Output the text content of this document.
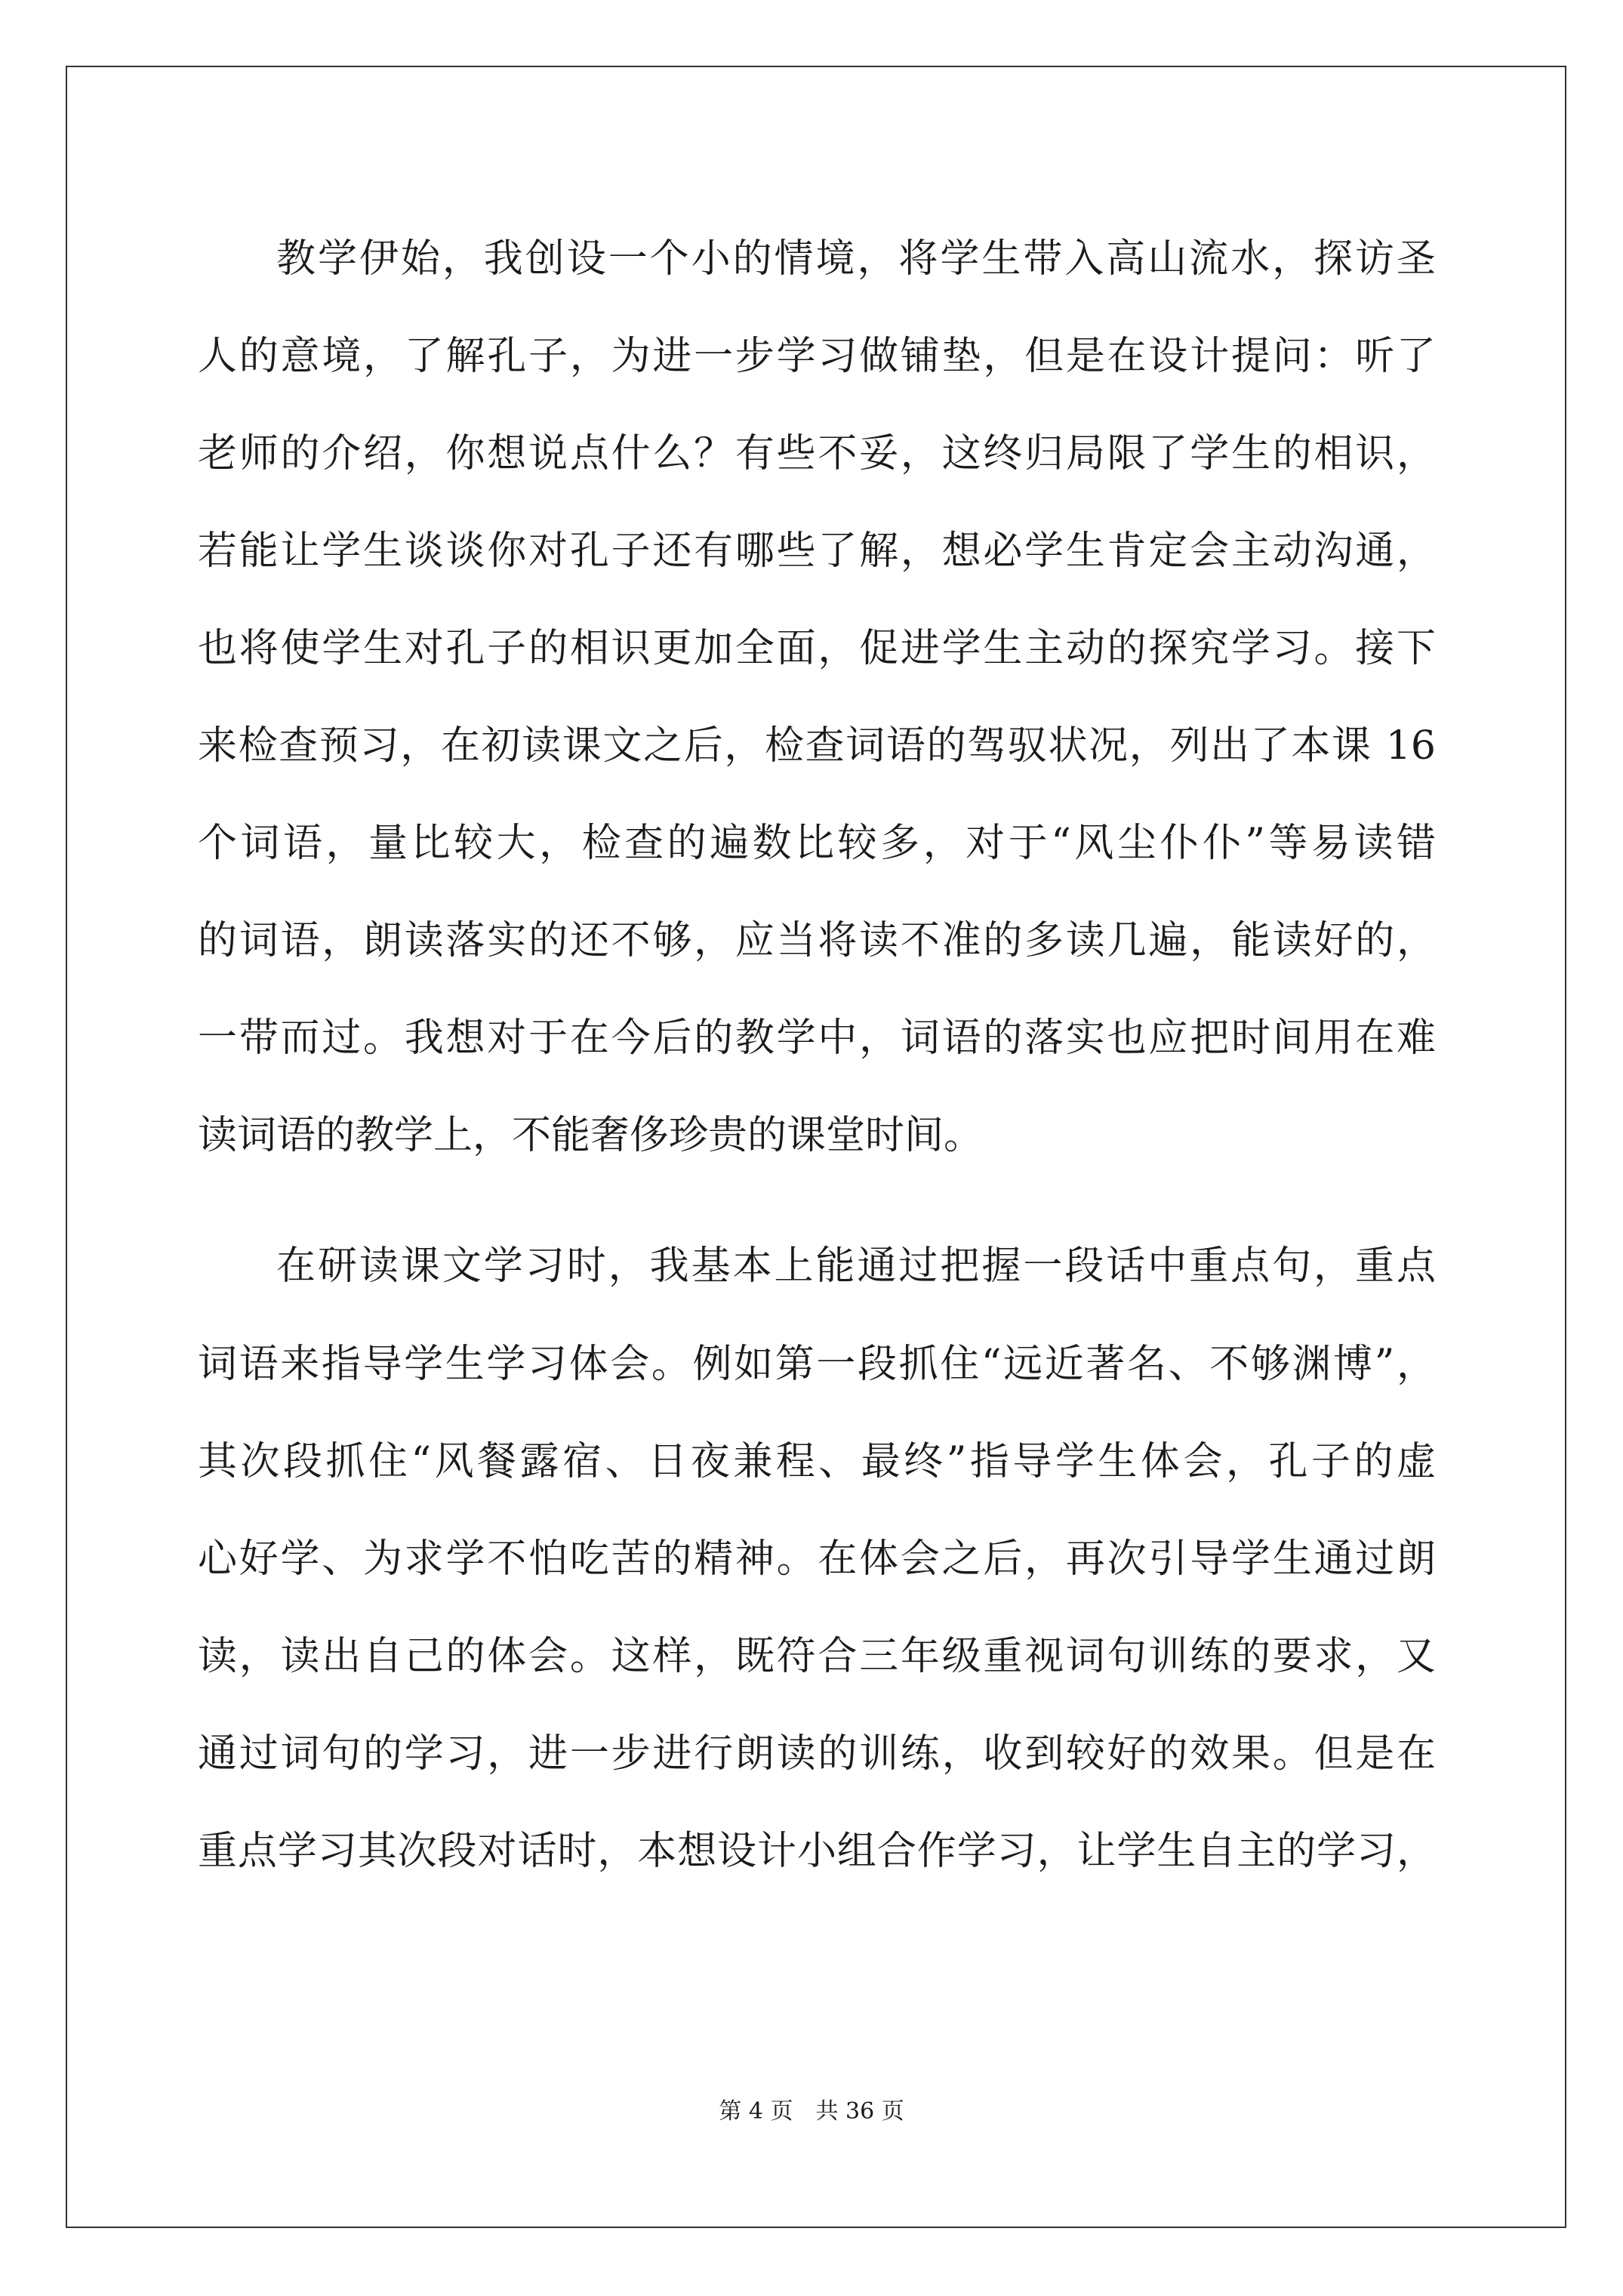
教学伊始，我创设一个小的情境，将学生带入高山流水，探访圣
人的意境，了解孔子，为进一步学习做铺垫，但是在设计提问：听了
老师的介绍，你想说点什么？有些不妥，这终归局限了学生的相识，
若能让学生谈谈你对孔子还有哪些了解，想必学生肯定会主动沟通，
也将使学生对孔子的相识更加全面，促进学生主动的探究学习。接下
来检查预习，在初读课文之后，检查词语的驾驭状况，列出了本课 16
个词语，量比较大，检查的遍数比较多，对于“风尘仆仆”等易读错
的词语，朗读落实的还不够，应当将读不准的多读几遍，能读好的，
一带而过。我想对于在今后的教学中，词语的落实也应把时间用在难
读词语的教学上，不能奢侈珍贵的课堂时间。
在研读课文学习时，我基本上能通过把握一段话中重点句，重点
词语来指导学生学习体会。例如第一段抓住“远近著名、不够渊博”，
其次段抓住“风餐露宿、日夜兼程、最终”指导学生体会，孔子的虚
心好学、为求学不怕吃苦的精神。在体会之后，再次引导学生通过朗
读，读出自己的体会。这样，既符合三年级重视词句训练的要求，又
通过词句的学习，进一步进行朗读的训练，收到较好的效果。但是在
重点学习其次段对话时，本想设计小组合作学习，让学生自主的学习，
第 4 页　共 36 页
